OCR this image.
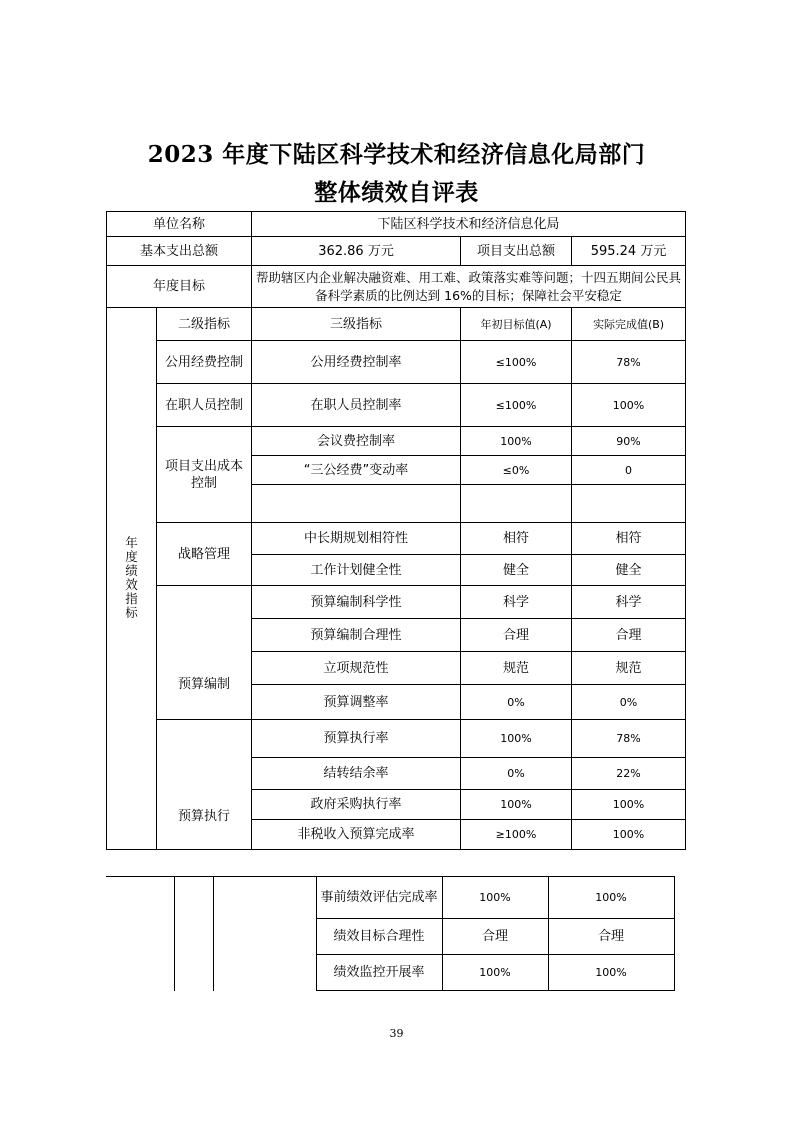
2023 年度下陆区科学技术和经济信息化局部门
整体绩效自评表
单位名称		下陆区科学技术和经济信息化局		
基本支出总额		362.86 万元	项目支出总额	595.24 万元
年度目标		帮助辖区内企业解决融资难、用工难、政策落实难等问题；十四五期间公民具备科学素质的比例达到 16%的目标；保障社会平安稳定		
年度绩效指标	二级指标	三级指标	年初目标值(A)	实际完成值(B)
	公用经费控制	公用经费控制率	≤100%	78%
	在职人员控制	在职人员控制率	≤100%	100%
	项目支出成本控制	会议费控制率	100%	90%
		“三公经费”变动率	≤0%	0

	战略管理	中长期规划相符性	相符	相符
		工作计划健全性	健全	健全
	预算编制	预算编制科学性	科学	科学
		预算编制合理性	合理	合理
		立项规范性	规范	规范
		预算调整率	0%	0%
	预算执行	预算执行率	100%	78%
		结转结余率	0%	22%
		政府采购执行率	100%	100%
		非税收入预算完成率	≥100%	100%
			事前绩效评估完成率	100%	100%
			绩效目标合理性	合理	合理
			绩效监控开展率	100%	100%
39
